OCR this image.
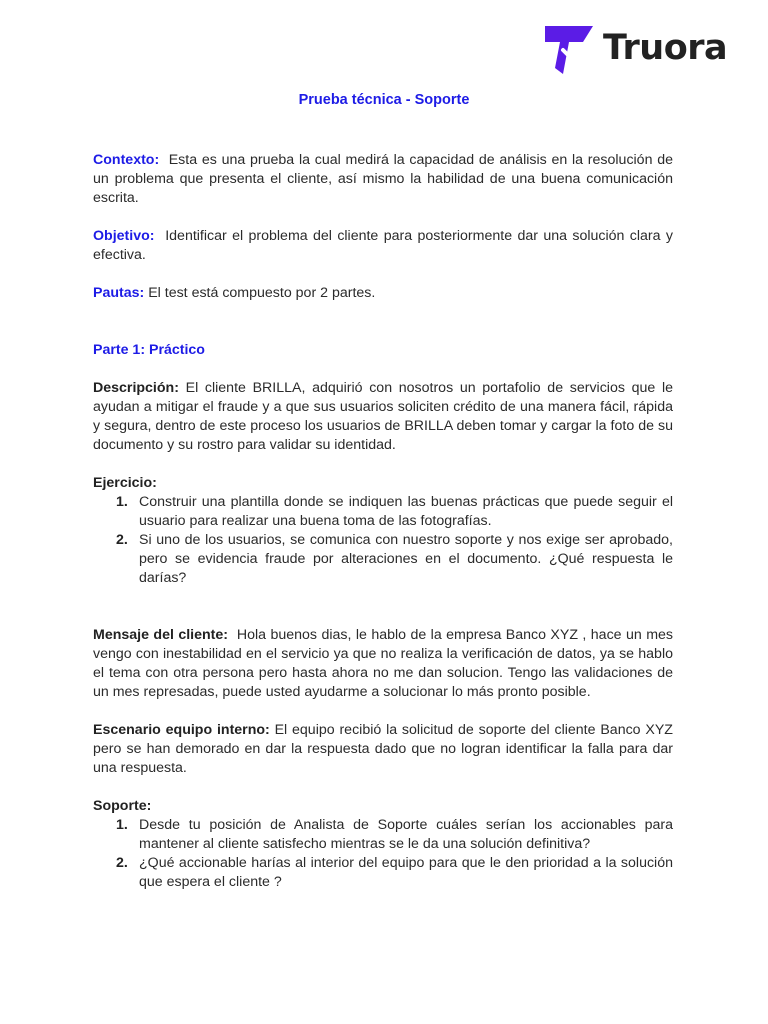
Truora
Prueba técnica - Soporte

Contexto: Esta es una prueba la cual medirá la capacidad de análisis en la resolución de un problema que presenta el cliente, así mismo la habilidad de una buena comunicación escrita.

Objetivo: Identificar el problema del cliente para posteriormente dar una solución clara y efectiva.

Pautas: El test está compuesto por 2 partes.

Parte 1: Práctico

Descripción: El cliente BRILLA, adquirió con nosotros un portafolio de servicios que le ayudan a mitigar el fraude y a que sus usuarios soliciten crédito de una manera fácil, rápida y segura, dentro de este proceso los usuarios de BRILLA deben tomar y cargar la foto de su documento y su rostro para validar su identidad.

Ejercicio:

1. Construir una plantilla donde se indiquen las buenas prácticas que puede seguir el usuario para realizar una buena toma de las fotografías.
2. Si uno de los usuarios, se comunica con nuestro soporte y nos exige ser aprobado, pero se evidencia fraude por alteraciones en el documento. ¿Qué respuesta le darías?

Mensaje del cliente: Hola buenos dias, le hablo de la empresa Banco XYZ , hace un mes vengo con inestabilidad en el servicio ya que no realiza la verificación de datos, ya se hablo el tema con otra persona pero hasta ahora no me dan solucion. Tengo las validaciones de un mes represadas, puede usted ayudarme a solucionar lo más pronto posible.

Escenario equipo interno: El equipo recibió la solicitud de soporte del cliente Banco XYZ pero se han demorado en dar la respuesta dado que no logran identificar la falla para dar una respuesta.

Soporte:

1. Desde tu posición de Analista de Soporte cuáles serían los accionables para mantener al cliente satisfecho mientras se le da una solución definitiva?
2. ¿Qué accionable harías al interior del equipo para que le den prioridad a la solución que espera el cliente ?
